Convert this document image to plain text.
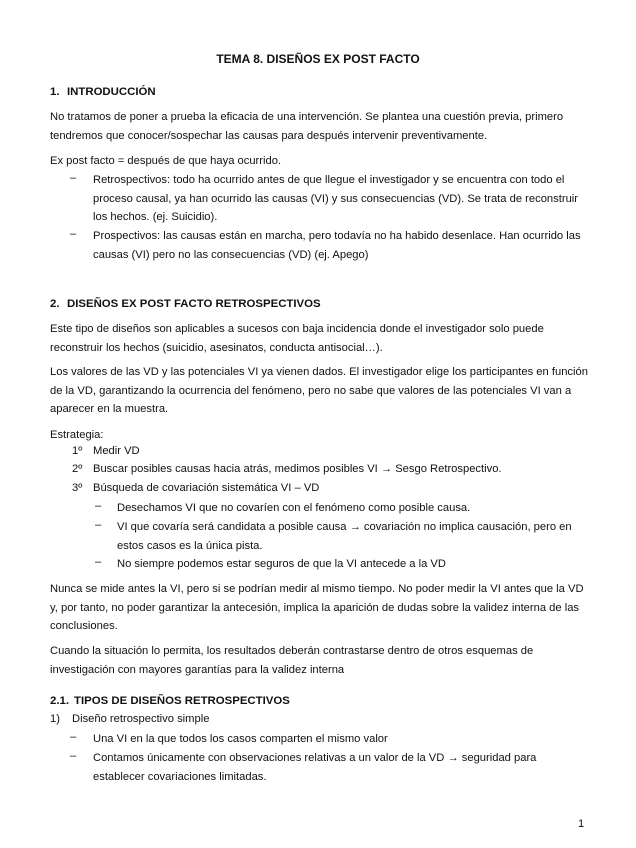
TEMA 8. DISEÑOS EX POST FACTO
1. INTRODUCCIÓN
No tratamos de poner a prueba la eficacia de una intervención. Se plantea una cuestión previa, primero tendremos que conocer/sospechar las causas para después intervenir preventivamente.
Ex post facto = después de que haya ocurrido.
– Retrospectivos: todo ha ocurrido antes de que llegue el investigador y se encuentra con todo el proceso causal, ya han ocurrido las causas (VI) y sus consecuencias (VD). Se trata de reconstruir los hechos. (ej. Suicidio).
– Prospectivos: las causas están en marcha, pero todavía no ha habido desenlace. Han ocurrido las causas (VI) pero no las consecuencias (VD) (ej. Apego)
2. DISEÑOS EX POST FACTO RETROSPECTIVOS
Este tipo de diseños son aplicables a sucesos con baja incidencia donde el investigador solo puede reconstruir los hechos (suicidio, asesinatos, conducta antisocial…).
Los valores de las VD y las potenciales VI ya vienen dados. El investigador elige los participantes en función de la VD, garantizando la ocurrencia del fenómeno, pero no sabe que valores de las potenciales VI van a aparecer en la muestra.
Estrategia:
1º Medir VD
2º Buscar posibles causas hacia atrás, medimos posibles VI → Sesgo Retrospectivo.
3º Búsqueda de covariación sistemática VI – VD
– Desechamos VI que no covaríen con el fenómeno como posible causa.
– VI que covaría será candidata a posible causa → covariación no implica causación, pero en estos casos es la única pista.
– No siempre podemos estar seguros de que la VI antecede a la VD
Nunca se mide antes la VI, pero si se podrían medir al mismo tiempo. No poder medir la VI antes que la VD y, por tanto, no poder garantizar la antecesión, implica la aparición de dudas sobre la validez interna de las conclusiones.
Cuando la situación lo permita, los resultados deberán contrastarse dentro de otros esquemas de investigación con mayores garantías para la validez interna
2.1. TIPOS DE DISEÑOS RETROSPECTIVOS
1) Diseño retrospectivo simple
– Una VI en la que todos los casos comparten el mismo valor
– Contamos únicamente con observaciones relativas a un valor de la VD → seguridad para establecer covariaciones limitadas.
1
